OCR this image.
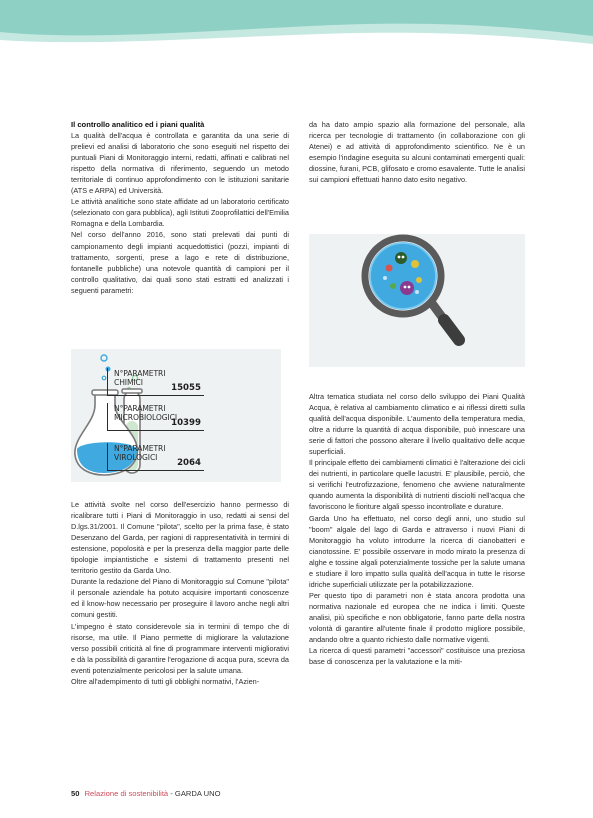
Il controllo analitico ed i piani qualità

La qualità dell'acqua è controllata e garantita da una serie di prelievi ed analisi di laboratorio che sono eseguiti nel rispetto dei puntuali Piani di Monitoraggio interni, redatti, affinati e calibrati nel rispetto della normativa di riferimento, seguendo un metodo territoriale di continuo approfondimento con le istituzioni sanitarie (ATS e ARPA) ed Università.

Le attività analitiche sono state affidate ad un laboratorio certificato (selezionato con gara pubblica), agli Istituti Zooprofilattici dell'Emilia Romagna e della Lombardia.

Nel corso dell'anno 2016, sono stati prelevati dai punti di campionamento degli impianti acquedottistici (pozzi, impianti di trattamento, sorgenti, prese a lago e rete di distribuzione, fontanelle pubbliche) una notevole quantità di campioni per il controllo qualitativo, dai quali sono stati estratti ed analizzati i seguenti parametri:

N°PARAMETRI
CHIMICI
15055
N°PARAMETRI
MICROBIOLOGICI
10399
N°PARAMETRI
VIROLOGICI
2064

Le attività svolte nel corso dell'esercizio hanno permesso di ricalibrare tutti i Piani di Monitoraggio in uso, redatti ai sensi del D.lgs.31/2001. Il Comune "pilota", scelto per la prima fase, è stato Desenzano del Garda, per ragioni di rappresentatività in termini di estensione, popolosità e per la presenza della maggior parte delle tipologie impiantistiche e sistemi di trattamento presenti nel territorio gestito da Garda Uno.

Durante la redazione del Piano di Monitoraggio sul Comune "pilota" il personale aziendale ha potuto acquisire importanti conoscenze ed il know-how necessario per proseguire il lavoro anche negli altri comuni gestiti.

L'impegno è stato considerevole sia in termini di tempo che di risorse, ma utile. Il Piano permette di migliorare la valutazione verso possibili criticità al fine di programmare interventi migliorativi e dà la possibilità di garantire l'erogazione di acqua pura, scevra da eventi potenzialmente pericolosi per la salute umana.

Oltre all'adempimento di tutti gli obblighi normativi, l'Azien-

da ha dato ampio spazio alla formazione del personale, alla ricerca per tecnologie di trattamento (in collaborazione con gli Atenei) e ad attività di approfondimento scientifico. Ne è un esempio l'indagine eseguita su alcuni contaminati emergenti quali: diossine, furani, PCB, glifosato e cromo esavalente. Tutte le analisi sui campioni effettuati hanno dato esito negativo.

Altra tematica studiata nel corso dello sviluppo dei Piani Qualità Acqua, è relativa al cambiamento climatico e ai riflessi diretti sulla qualità dell'acqua disponibile. L'aumento della temperatura media, oltre a ridurre la quantità di acqua disponibile, può innescare una serie di fattori che possono alterare il livello qualitativo delle acque superficiali.

Il principale effetto dei cambiamenti climatici è l'alterazione dei cicli dei nutrienti, in particolare quelle lacustri. E' plausibile, perciò, che si verifichi l'eutrofizzazione, fenomeno che avviene naturalmente quando aumenta la disponibilità di nutrienti disciolti nell'acqua che favoriscono le fioriture algali spesso incontrollate e durature.

Garda Uno ha effettuato, nel corso degli anni, uno studio sul "boom" algale del lago di Garda e attraverso i nuovi Piani di Monitoraggio ha voluto introdurre la ricerca di cianobatteri e cianotossine. E' possibile osservare in modo mirato la presenza di alghe e tossine algali potenzialmente tossiche per la salute umana e studiare il loro impatto sulla qualità dell'acqua in tutte le risorse idriche superficiali utilizzate per la potabilizzazione.

Per questo tipo di parametri non è stata ancora prodotta una normativa nazionale ed europea che ne indica i limiti. Queste analisi, più specifiche e non obbligatorie, fanno parte della nostra volontà di garantire all'utente finale il prodotto migliore possibile, andando oltre a quanto richiesto dalle normative vigenti.

La ricerca di questi parametri "accessori" costituisce una preziosa base di conoscenza per la valutazione e la miti-

50 Relazione di sostenibilità - GARDA UNO
